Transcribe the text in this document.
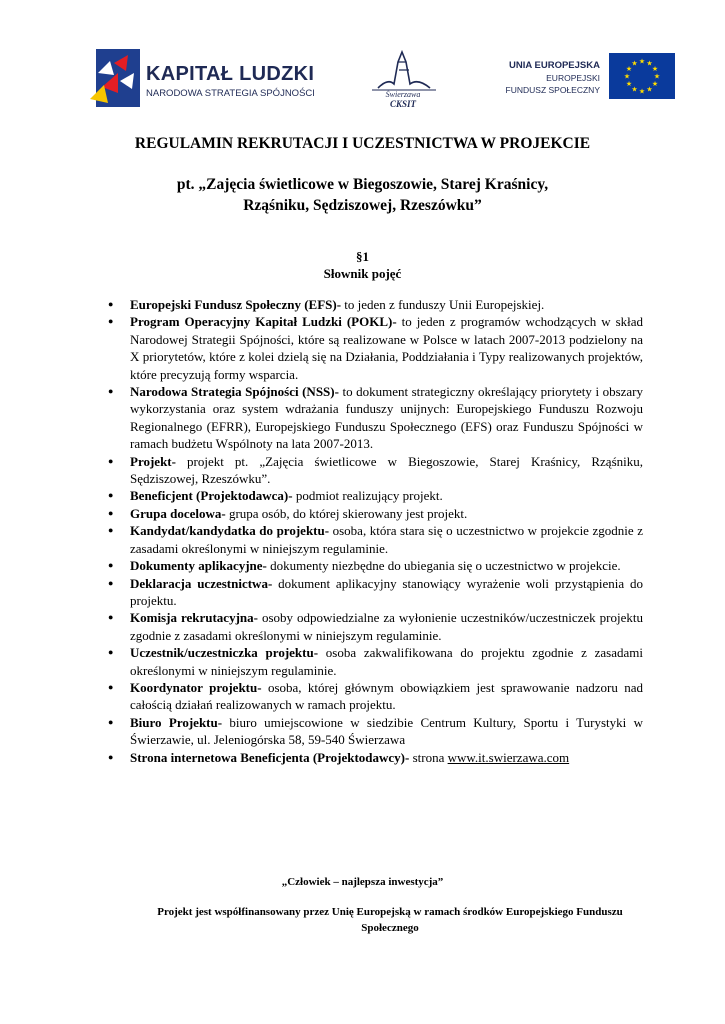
KAPITAŁ LUDZKI
NARODOWA STRATEGIA SPÓJNOŚCI	Świerzawa
CKSIT
UNIA EUROPEJSKA
EUROPEJSKI
FUNDUSZ SPOŁECZNY
★ ★
★
★
★
★
★
★
★
★
★
★
REGULAMIN REKRUTACJI I UCZESTNICTWA W PROJEKCIE
pt. „Zajęcia świetlicowe w Biegoszowie, Starej Kraśnicy,
Rząśniku, Sędziszowej, Rzeszówku”
§1
Słownik pojęć
● Europejski Fundusz Społeczny (EFS)- to jeden z funduszy Unii Europejskiej.
● Program Operacyjny Kapitał Ludzki (POKL)- to jeden z programów wchodzących w skład Narodowej Strategii Spójności, które są realizowane w Polsce w latach 2007-2013 podzielony na X priorytetów, które z kolei dzielą się na Działania, Poddziałania i Typy realizowanych projektów, które precyzują formy wsparcia.
● Narodowa Strategia Spójności (NSS)- to dokument strategiczny określający priorytety i obszary wykorzystania oraz system wdrażania funduszy unijnych: Europejskiego Funduszu Rozwoju Regionalnego (EFRR), Europejskiego Funduszu Społecznego (EFS) oraz Funduszu Spójności w ramach budżetu Wspólnoty na lata 2007-2013.
● Projekt- projekt pt. „Zajęcia świetlicowe w Biegoszowie, Starej Kraśnicy, Rząśniku, Sędziszowej, Rzeszówku”.
● Beneficjent (Projektodawca)- podmiot realizujący projekt.
● Grupa docelowa- grupa osób, do której skierowany jest projekt.
● Kandydat/kandydatka do projektu- osoba, która stara się o uczestnictwo w projekcie zgodnie z zasadami określonymi w niniejszym regulaminie.
● Dokumenty aplikacyjne- dokumenty niezbędne do ubiegania się o uczestnictwo w projekcie.
● Deklaracja uczestnictwa- dokument aplikacyjny stanowiący wyrażenie woli przystąpienia do projektu.
● Komisja rekrutacyjna- osoby odpowiedzialne za wyłonienie uczestników/uczestniczek projektu zgodnie z zasadami określonymi w niniejszym regulaminie.
● Uczestnik/uczestniczka projektu- osoba zakwalifikowana do projektu zgodnie z zasadami określonymi w niniejszym regulaminie.
● Koordynator projektu- osoba, której głównym obowiązkiem jest sprawowanie nadzoru nad całością działań realizowanych w ramach projektu.
● Biuro Projektu- biuro umiejscowione w siedzibie Centrum Kultury, Sportu i Turystyki w Świerzawie, ul. Jeleniogórska 58, 59-540 Świerzawa
● Strona internetowa Beneficjenta (Projektodawcy)- strona www.it.swierzawa.com
„Człowiek – najlepsza inwestycja”
Projekt jest współfinansowany przez Unię Europejską w ramach środków Europejskiego Funduszu Społecznego
